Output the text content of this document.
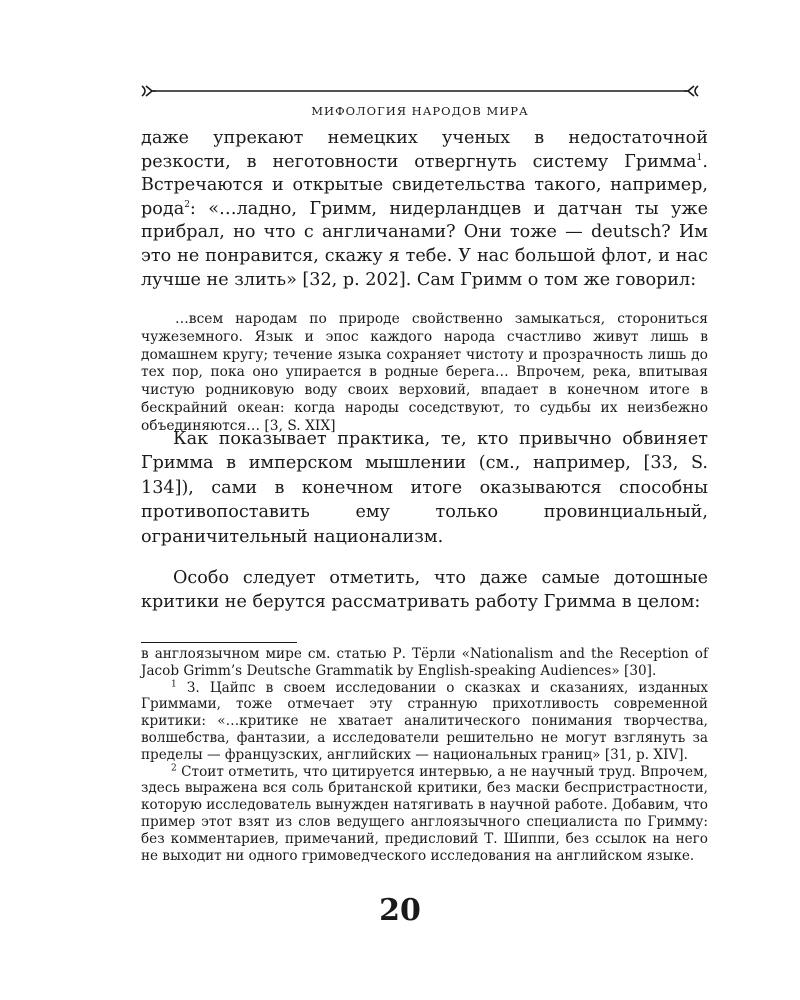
МИФОЛОГИЯ НАРОДОВ МИРА

даже упрекают немецких ученых в недостаточной резкости, в неготовности отвергнуть систему Гримма$^1$. Встречаются и открытые свидетельства такого, например, рода$^2$: «…ладно, Гримм, нидерландцев и датчан ты уже прибрал, но что с англичанами? Они тоже — deutsch? Им это не понравится, скажу я тебе. У нас большой флот, и нас лучше не злить» [32, p. 202]. Сам Гримм о том же говорил:

…всем народам по природе свойственно замыкаться, сторониться чужеземного. Язык и эпос каждого народа счастливо живут лишь в домашнем кругу; течение языка сохраняет чистоту и прозрачность лишь до тех пор, пока оно упирается в родные берега… Впрочем, река, впитывая чистую родниковую воду своих верховий, впадает в конечном итоге в бескрайний океан: когда народы соседствуют, то судьбы их неизбежно объединяются… [3, S. XIX]

Как показывает практика, те, кто привычно обвиняет Гримма в имперском мышлении (см., например, [33, S. 134]), сами в конечном итоге оказываются способны противопоставить ему только провинциальный, ограничительный национализм.

Особо следует отметить, что даже самые дотошные критики не берутся рассматривать работу Гримма в целом:

в англоязычном мире см. статью Р. Тёрли «Nationalism and the Reception of Jacob Grimm’s Deutsche Grammatik by English-speaking Audiences» [30].

$^1$ З. Цайпс в своем исследовании о сказках и сказаниях, изданных Гриммами, тоже отмечает эту странную прихотливость современной критики: «…критике не хватает аналитического понимания творчества, волшебства, фантазии, а исследователи решительно не могут взглянуть за пределы — французских, английских — национальных границ» [31, p. XIV].

$^2$ Стоит отметить, что цитируется интервью, а не научный труд. Впрочем, здесь выражена вся соль британской критики, без маски беспристрастности, которую исследователь вынужден натягивать в научной работе. Добавим, что пример этот взят из слов ведущего англоязычного специалиста по Гримму: без комментариев, примечаний, предисловий Т. Шиппи, без ссылок на него не выходит ни одного гримоведческого исследования на английском языке.

20
